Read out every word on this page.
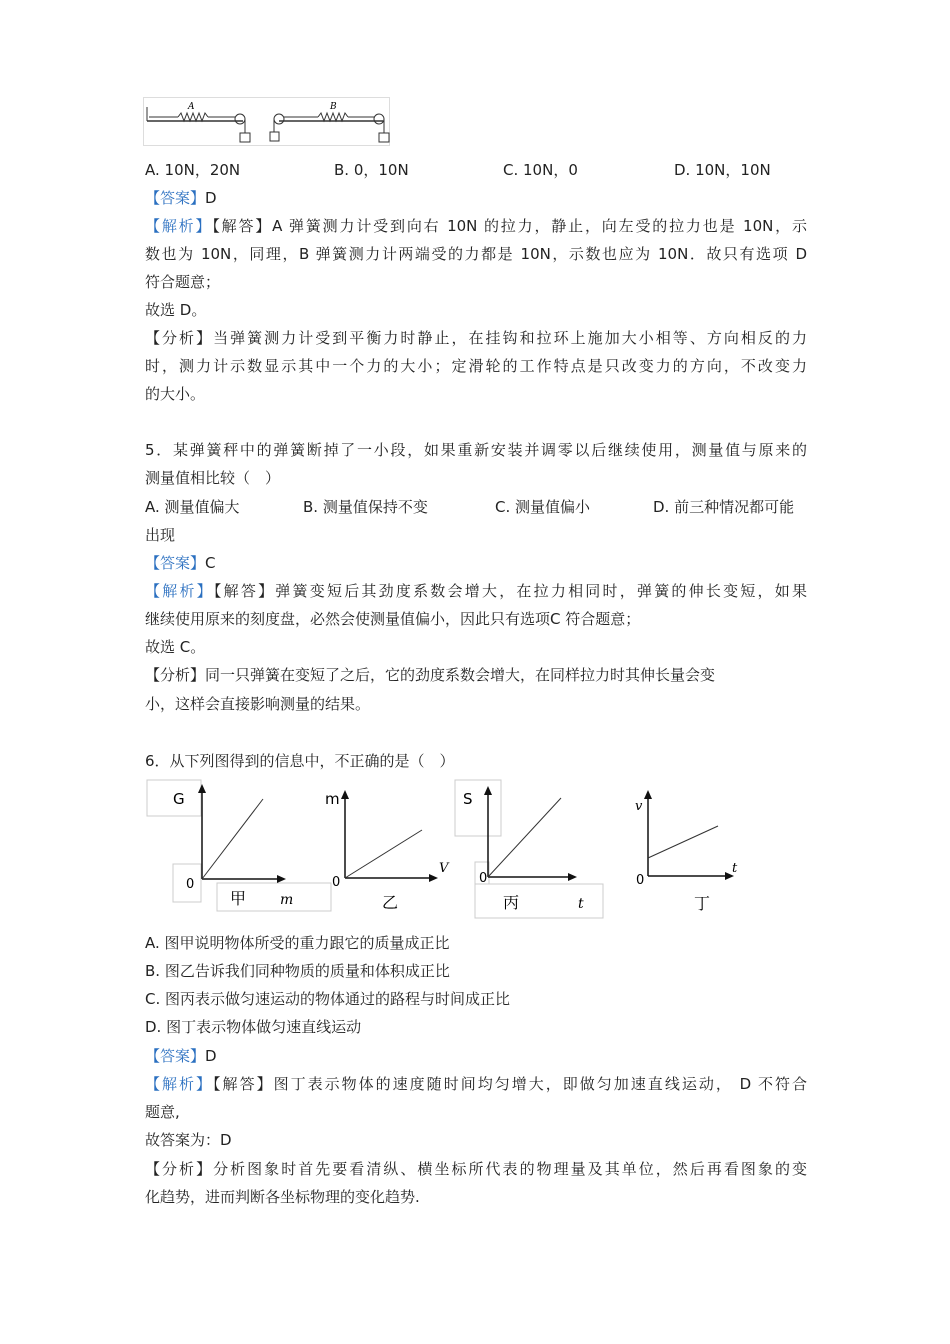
A	B
A. 10N，20N	B. 0，10N	C. 10N，0	D. 10N，10N
【答案】D
【解析】【解答】A 弹簧测力计受到向右 10N 的拉力，静止，向左受的拉力也是 10N，示
数也为 10N，同理，B 弹簧测力计两端受的力都是 10N，示数也应为 10N．故只有选项 D
符合题意；
故选 D。
【分析】当弹簧测力计受到平衡力时静止，在挂钩和拉环上施加大小相等、方向相反的力
时，测力计示数显示其中一个力的大小；定滑轮的工作特点是只改变力的方向，不改变力
的大小。
5．某弹簧秤中的弹簧断掉了一小段，如果重新安装并调零以后继续使用，测量值与原来的
测量值相比较（　）
A. 测量值偏大	B. 测量值保持不变	C. 测量值偏小	D. 前三种情况都可能
出现
【答案】C
【解析】【解答】弹簧变短后其劲度系数会增大，在拉力相同时，弹簧的伸长变短，如果
继续使用原来的刻度盘，必然会使测量值偏小，因此只有选项C 符合题意；
故选 C。
【分析】同一只弹簧在变短了之后，它的劲度系数会增大，在同样拉力时其伸长量会变
小，这样会直接影响测量的结果。
6．从下列图得到的信息中，不正确的是（　）
G
0
甲 m
m
0
V
乙
S
0
丙	t
v
0
t
丁
A. 图甲说明物体所受的重力跟它的质量成正比
B. 图乙告诉我们同种物质的质量和体积成正比
C. 图丙表示做匀速运动的物体通过的路程与时间成正比
D. 图丁表示物体做匀速直线运动
【答案】D
【解析】【解答】图丁表示物体的速度随时间均匀增大，即做匀加速直线运动， D 不符合
题意,
故答案为：D
【分析】分析图象时首先要看清纵、横坐标所代表的物理量及其单位，然后再看图象的变
化趋势，进而判断各坐标物理的变化趋势.
